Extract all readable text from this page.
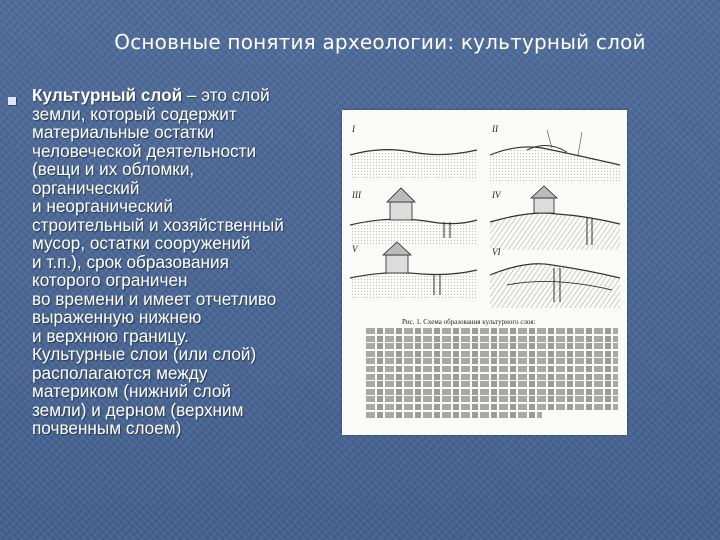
Основные понятия археологии: культурный слой
Культурный слой – это слой
земли, который содержит
материальные остатки
человеческой деятельности
(вещи и их обломки,
органический
и неорганический
строительный и хозяйственный
мусор, остатки сооружений
и т.п.), срок образования
которого ограничен
во времени и имеет отчетливо
выраженную нижнею
и верхнюю границу.
Культурные слои (или слой)
располагаются между
материком (нижний слой
земли) и дерном (верхним
почвенным слоем)
I	II
III	IV
V	VI
Рис. 1. Схема образования культурного слоя:
